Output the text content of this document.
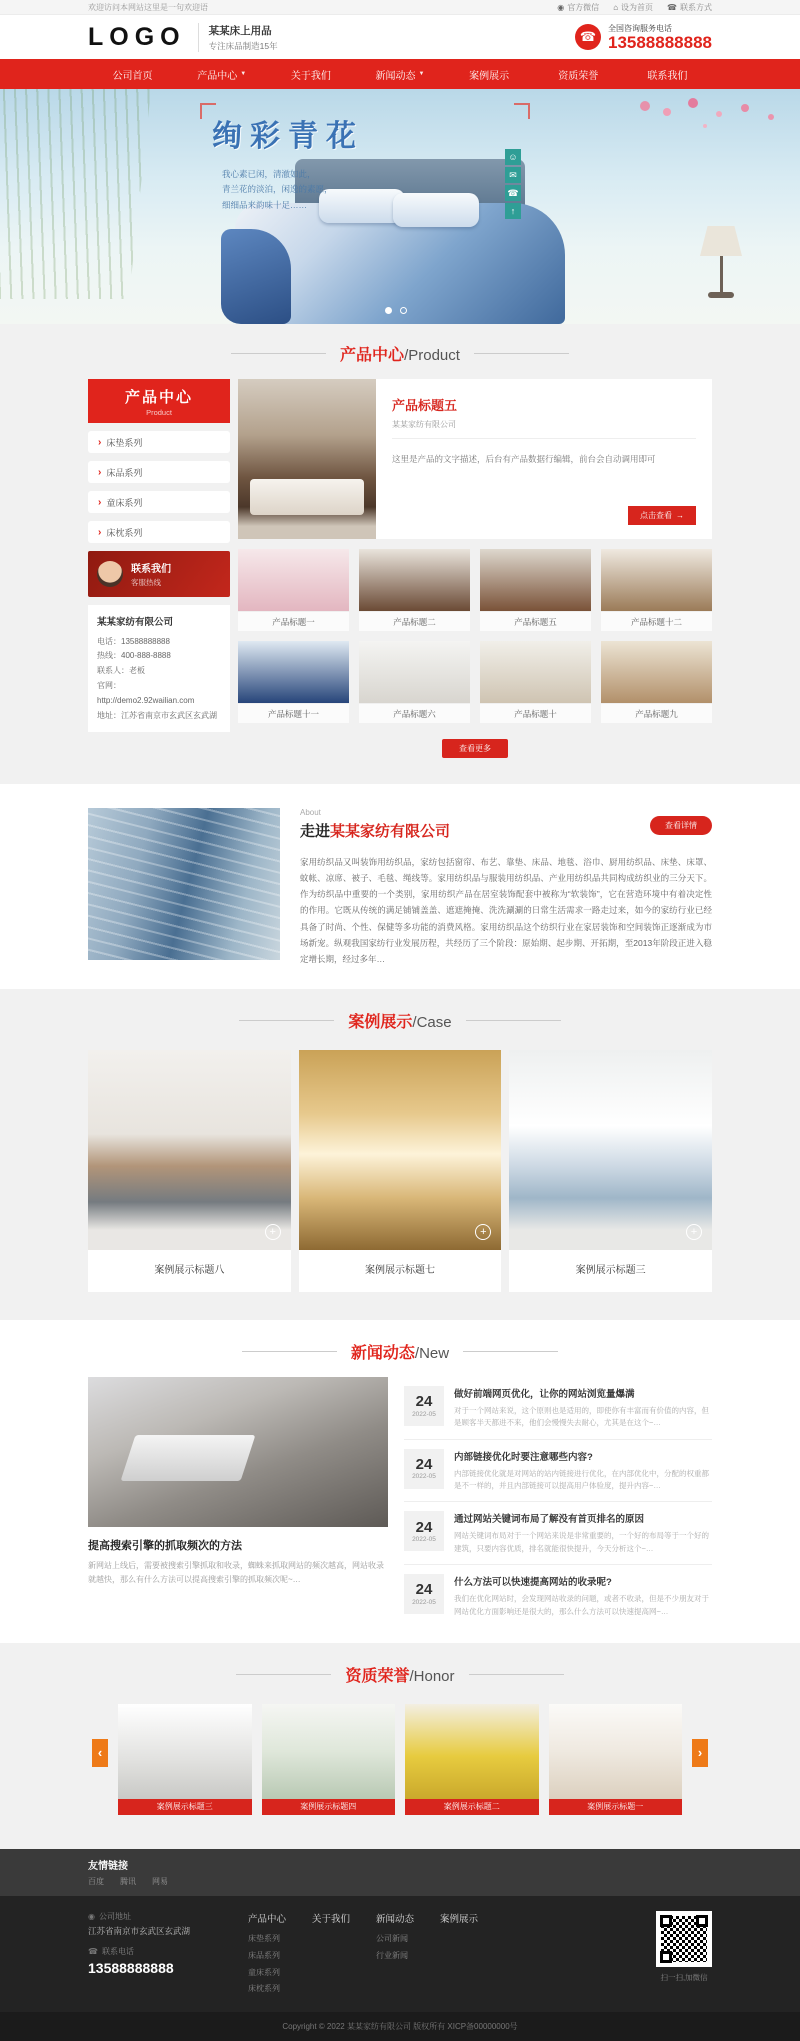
欢迎访问本网站这里是一句欢迎语	◉ 官方微信 ⌂ 设为首页 ☎ 联系方式
LOGO 某某床上用品
专注床品制造15年
☎
全国咨询服务电话
13588888888
公司首页	产品中心 ▼	关于我们	新闻动态 ▼	案例展示	资质荣誉	联系我们
绚彩青花
我心素已闲，清澈如此，
青兰花的淡泊，闲逸的素愿，
细细品来韵味十足……
☺
✉
☎
↑
产品中心/Product
产品中心
Product
› 床垫系列
› 床品系列
› 童床系列
› 床枕系列
联系我们
客服热线
某某家纺有限公司
电话：13588888888
热线：400-888-8888
联系人：老板
官网：
http://demo2.92wailian.com
地址：江苏省南京市玄武区玄武湖
产品标题五
某某家纺有限公司
这里是产品的文字描述，后台有产品数据行编辑，前台会自动调用即可
点击查看 →
产品标题一	产品标题二	产品标题五	产品标题十二
产品标题十一	产品标题六	产品标题十	产品标题九
查看更多
About
走进某某家纺有限公司	查看详情
家用纺织品又叫装饰用纺织品，家纺包括窗帘、布艺、靠垫、床品、地毯、浴巾、厨用纺织品、床垫、床罩、蚊帐、凉席、被子、毛毯、绳线等。家用纺织品与服装用纺织品、产业用纺织品共同构成纺织业的三分天下。作为纺织品中重要的一个类别，家用纺织产品在居室装饰配套中被称为“软装饰”，它在营造环境中有着决定性的作用。它既从传统的满足铺铺盖盖、遮遮掩掩、洗洗涮涮的日常生活需求一路走过来，如今的家纺行业已经具备了时尚、个性、保健等多功能的消费风格。家用纺织品这个纺织行业在家居装饰和空间装饰正逐渐成为市场新宠。纵观我国家纺行业发展历程，共经历了三个阶段：原始期、起步期、开拓期，至2013年阶段正进入稳定增长期，经过多年…
案例展示/Case
+
案例展示标题八
+
案例展示标题七
+
案例展示标题三
新闻动态/New
提高搜索引擎的抓取频次的方法
新网站上线后，需要被搜索引擎抓取和收录，蜘蛛来抓取网站的频次越高，网站收录就越快，那么有什么方法可以提高搜索引擎的抓取频次呢~…
24
2022-05
做好前端网页优化，让你的网站浏览量爆满
对于一个网站来说，这个原则也是适用的，即使你有丰富而有价值的内容，但是顾客半天都进不来，他们会慢慢失去耐心，尤其是在这个~…
24
2022-05
内部链接优化时要注意哪些内容?
内部链接优化就是对网站的站内链接进行优化，在内部优化中，分配的权重都是不一样的，并且内部链接可以提高用户体验度，提升内容~…
24
2022-05
通过网站关键词布局了解没有首页排名的原因
网站关键词布局对于一个网站来说是非常重要的，一个好的布局等于一个好的建筑，只要内容优质，排名就能很快提升，今天分析这个~…
24
2022-05
什么方法可以快速提高网站的收录呢?
我们在优化网站时，会发现网站收录的问题，或者不收录，但是不少朋友对于网站优化方面影响还是很大的，那么什么方法可以快速提高网~…
资质荣誉/Honor
‹	›
案例展示标题三	案例展示标题四	案例展示标题二	案例展示标题一
友情链接
百度 腾讯 网易
◉ 公司地址
江苏省南京市玄武区玄武湖
☎ 联系电话
13588888888
产品中心
床垫系列
床品系列
童床系列
床枕系列
关于我们	新闻动态
公司新闻
行业新闻
案例展示
扫一扫,加微信
Copyright © 2022 某某家纺有限公司 版权所有 XICP备00000000号
